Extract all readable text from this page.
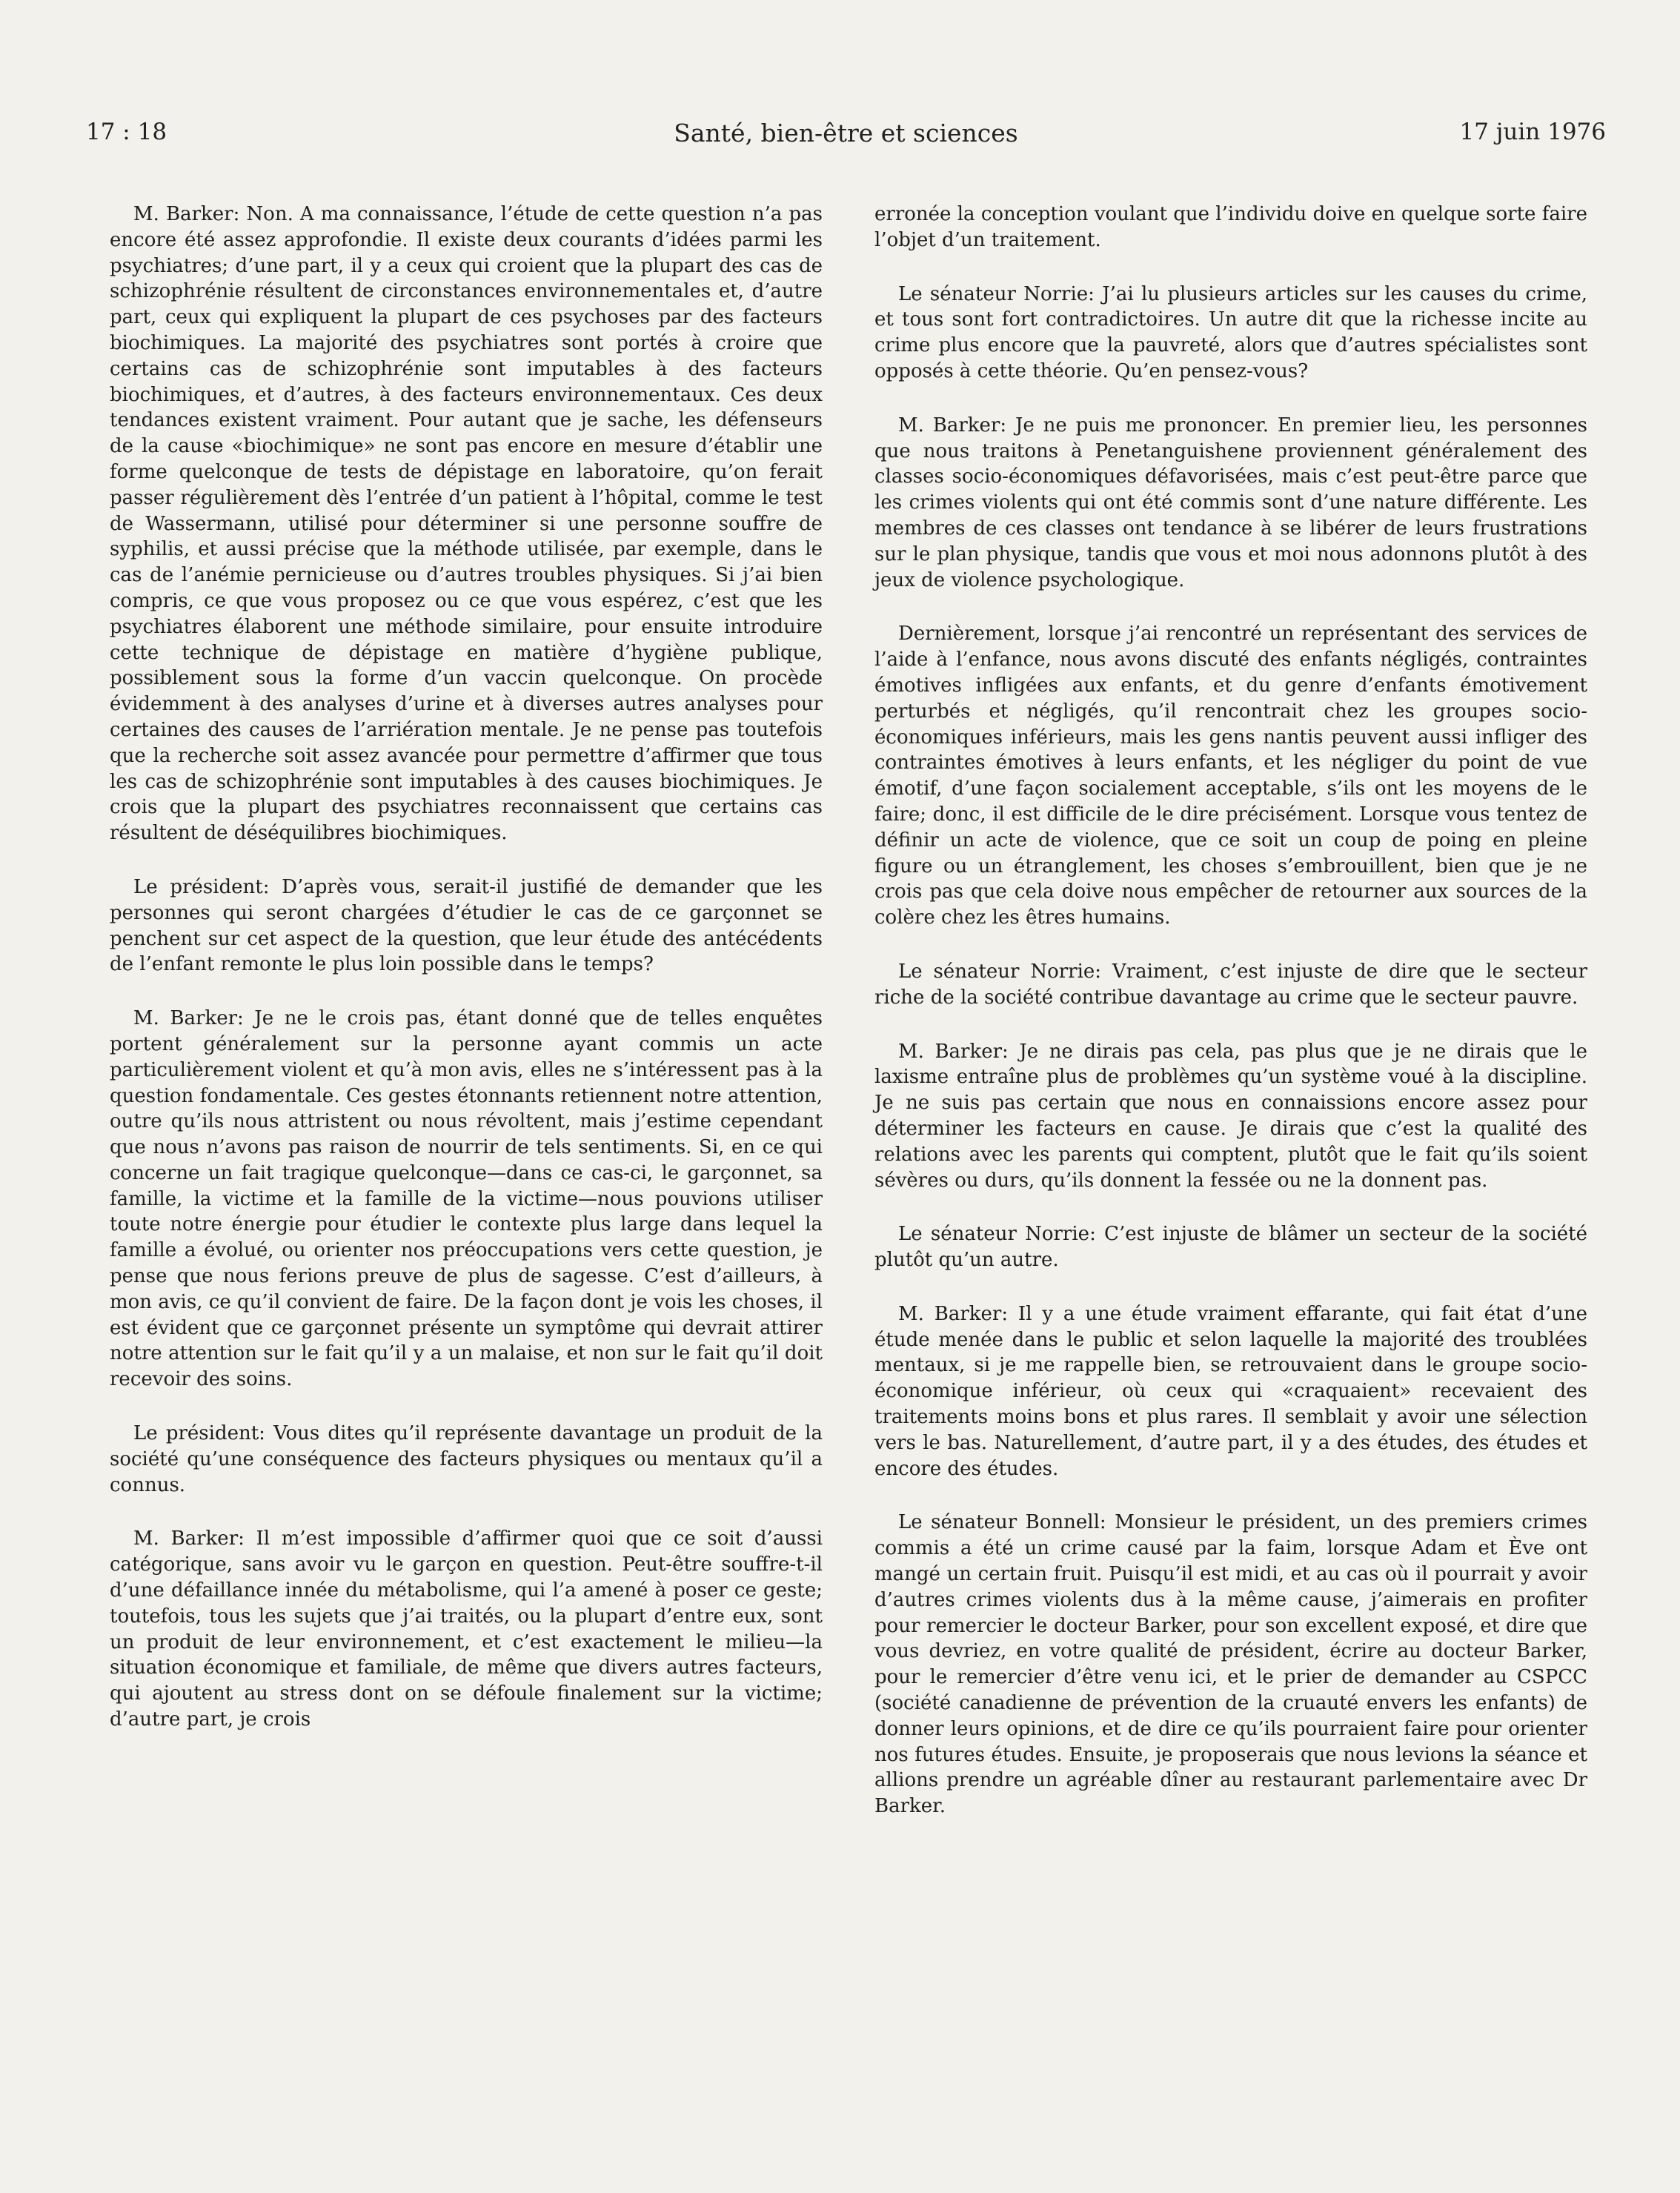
17 : 18	Santé, bien-être et sciences	17 juin 1976

M. Barker: Non. A ma connaissance, l’étude de cette question n’a pas encore été assez approfondie. Il existe deux courants d’idées parmi les psychiatres; d’une part, il y a ceux qui croient que la plupart des cas de schizophrénie résultent de circonstances environnementales et, d’autre part, ceux qui expliquent la plupart de ces psychoses par des facteurs biochimiques. La majorité des psychiatres sont portés à croire que certains cas de schizophrénie sont imputables à des facteurs biochimiques, et d’autres, à des facteurs environnementaux. Ces deux tendances existent vraiment. Pour autant que je sache, les défenseurs de la cause «biochimique» ne sont pas encore en mesure d’établir une forme quelconque de tests de dépistage en laboratoire, qu’on ferait passer régulièrement dès l’entrée d’un patient à l’hôpital, comme le test de Wassermann, utilisé pour déterminer si une personne souffre de syphilis, et aussi précise que la méthode utilisée, par exemple, dans le cas de l’anémie pernicieuse ou d’autres troubles physiques. Si j’ai bien compris, ce que vous proposez ou ce que vous espérez, c’est que les psychiatres élaborent une méthode similaire, pour ensuite introduire cette technique de dépistage en matière d’hygiène publique, possiblement sous la forme d’un vaccin quelconque. On procède évidemment à des analyses d’urine et à diverses autres analyses pour certaines des causes de l’arriération mentale. Je ne pense pas toutefois que la recherche soit assez avancée pour permettre d’affirmer que tous les cas de schizophrénie sont imputables à des causes biochimiques. Je crois que la plupart des psychiatres reconnaissent que certains cas résultent de déséquilibres biochimiques.

Le président: D’après vous, serait-il justifié de demander que les personnes qui seront chargées d’étudier le cas de ce garçonnet se penchent sur cet aspect de la question, que leur étude des antécédents de l’enfant remonte le plus loin possible dans le temps?

M. Barker: Je ne le crois pas, étant donné que de telles enquêtes portent généralement sur la personne ayant commis un acte particulièrement violent et qu’à mon avis, elles ne s’intéressent pas à la question fondamentale. Ces gestes étonnants retiennent notre attention, outre qu’ils nous attristent ou nous révoltent, mais j’estime cependant que nous n’avons pas raison de nourrir de tels sentiments. Si, en ce qui concerne un fait tragique quelconque—dans ce cas-ci, le garçonnet, sa famille, la victime et la famille de la victime—nous pouvions utiliser toute notre énergie pour étudier le contexte plus large dans lequel la famille a évolué, ou orienter nos préoccupations vers cette question, je pense que nous ferions preuve de plus de sagesse. C’est d’ailleurs, à mon avis, ce qu’il convient de faire. De la façon dont je vois les choses, il est évident que ce garçonnet présente un symptôme qui devrait attirer notre attention sur le fait qu’il y a un malaise, et non sur le fait qu’il doit recevoir des soins.

Le président: Vous dites qu’il représente davantage un produit de la société qu’une conséquence des facteurs physiques ou mentaux qu’il a connus.

M. Barker: Il m’est impossible d’affirmer quoi que ce soit d’aussi catégorique, sans avoir vu le garçon en question. Peut-être souffre-t-il d’une défaillance innée du métabolisme, qui l’a amené à poser ce geste; toutefois, tous les sujets que j’ai traités, ou la plupart d’entre eux, sont un produit de leur environnement, et c’est exactement le milieu—la situation économique et familiale, de même que divers autres facteurs, qui ajoutent au stress dont on se défoule finalement sur la victime; d’autre part, je crois

erronée la conception voulant que l’individu doive en quelque sorte faire l’objet d’un traitement.

Le sénateur Norrie: J’ai lu plusieurs articles sur les causes du crime, et tous sont fort contradictoires. Un autre dit que la richesse incite au crime plus encore que la pauvreté, alors que d’autres spécialistes sont opposés à cette théorie. Qu’en pensez-vous?

M. Barker: Je ne puis me prononcer. En premier lieu, les personnes que nous traitons à Penetanguishene proviennent généralement des classes socio-économiques défavorisées, mais c’est peut-être parce que les crimes violents qui ont été commis sont d’une nature différente. Les membres de ces classes ont tendance à se libérer de leurs frustrations sur le plan physique, tandis que vous et moi nous adonnons plutôt à des jeux de violence psychologique.

Dernièrement, lorsque j’ai rencontré un représentant des services de l’aide à l’enfance, nous avons discuté des enfants négligés, contraintes émotives infligées aux enfants, et du genre d’enfants émotivement perturbés et négligés, qu’il rencontrait chez les groupes socio-économiques inférieurs, mais les gens nantis peuvent aussi infliger des contraintes émotives à leurs enfants, et les négliger du point de vue émotif, d’une façon socialement acceptable, s’ils ont les moyens de le faire; donc, il est difficile de le dire précisément. Lorsque vous tentez de définir un acte de violence, que ce soit un coup de poing en pleine figure ou un étranglement, les choses s’embrouillent, bien que je ne crois pas que cela doive nous empêcher de retourner aux sources de la colère chez les êtres humains.

Le sénateur Norrie: Vraiment, c’est injuste de dire que le secteur riche de la société contribue davantage au crime que le secteur pauvre.

M. Barker: Je ne dirais pas cela, pas plus que je ne dirais que le laxisme entraîne plus de problèmes qu’un système voué à la discipline. Je ne suis pas certain que nous en connaissions encore assez pour déterminer les facteurs en cause. Je dirais que c’est la qualité des relations avec les parents qui comptent, plutôt que le fait qu’ils soient sévères ou durs, qu’ils donnent la fessée ou ne la donnent pas.

Le sénateur Norrie: C’est injuste de blâmer un secteur de la société plutôt qu’un autre.

M. Barker: Il y a une étude vraiment effarante, qui fait état d’une étude menée dans le public et selon laquelle la majorité des troublées mentaux, si je me rappelle bien, se retrouvaient dans le groupe socio-économique inférieur, où ceux qui «craquaient» recevaient des traitements moins bons et plus rares. Il semblait y avoir une sélection vers le bas. Naturellement, d’autre part, il y a des études, des études et encore des études.

Le sénateur Bonnell: Monsieur le président, un des premiers crimes commis a été un crime causé par la faim, lorsque Adam et Ève ont mangé un certain fruit. Puisqu’il est midi, et au cas où il pourrait y avoir d’autres crimes violents dus à la même cause, j’aimerais en profiter pour remercier le docteur Barker, pour son excellent exposé, et dire que vous devriez, en votre qualité de président, écrire au docteur Barker, pour le remercier d’être venu ici, et le prier de demander au CSPCC (société canadienne de prévention de la cruauté envers les enfants) de donner leurs opinions, et de dire ce qu’ils pourraient faire pour orienter nos futures études. Ensuite, je proposerais que nous levions la séance et allions prendre un agréable dîner au restaurant parlementaire avec Dr Barker.
